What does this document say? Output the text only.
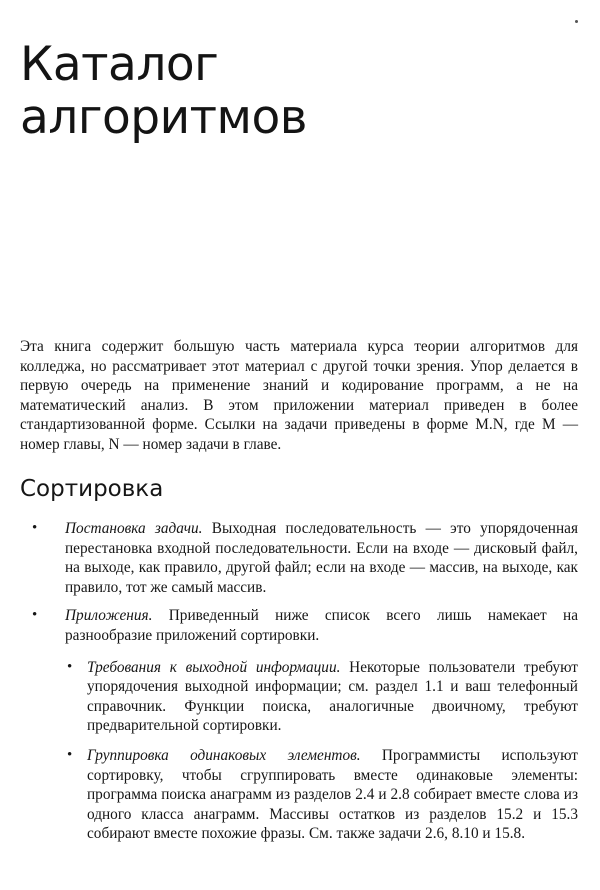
Каталог
алгоритмов

Эта книга содержит большую часть материала курса теории алгоритмов для колледжа, но рассматривает этот материал с другой точки зрения. Упор делается в первую очередь на применение знаний и кодирование программ, а не на математический анализ. В этом приложении материал приведен в более стандартизованной форме. Ссылки на задачи приведены в форме M.N, где M — номер главы, N — номер задачи в главе.

Сортировка
• Постановка задачи. Выходная последовательность — это упорядоченная перестановка входной последовательности. Если на входе — дисковый файл, на выходе, как правило, другой файл; если на входе — массив, на выходе, как правило, тот же самый массив.
• Приложения. Приведенный ниже список всего лишь намекает на разнообразие приложений сортировки.
• Требования к выходной информации. Некоторые пользователи требуют упорядочения выходной информации; см. раздел 1.1 и ваш телефонный справочник. Функции поиска, аналогичные двоичному, требуют предварительной сортировки.
• Группировка одинаковых элементов. Программисты используют сортировку, чтобы сгруппировать вместе одинаковые элементы: программа поиска анаграмм из разделов 2.4 и 2.8 собирает вместе слова из одного класса анаграмм. Массивы остатков из разделов 15.2 и 15.3 собирают вместе похожие фразы. См. также задачи 2.6, 8.10 и 15.8.
